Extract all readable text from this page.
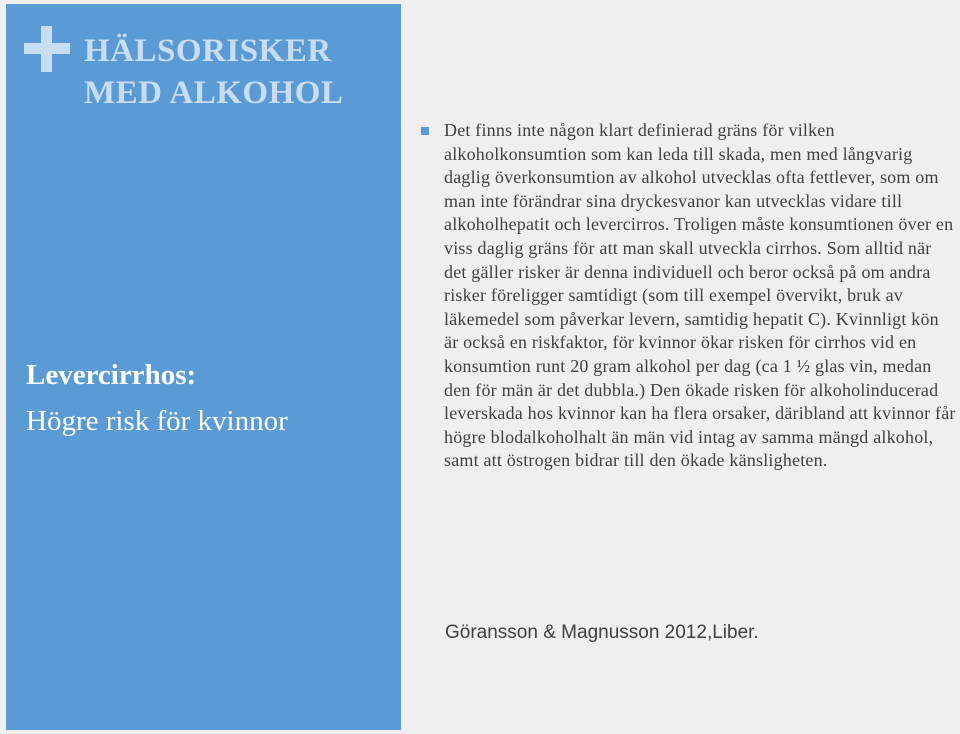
HÄLSORISKER
MED ALKOHOL
Levercirrhos:
Högre risk för kvinnor
Det finns inte någon klart definierad gräns för vilken alkoholkonsumtion som kan leda till skada, men med långvarig daglig överkonsumtion av alkohol utvecklas ofta fettlever, som om man inte förändrar sina dryckesvanor kan utvecklas vidare till alkoholhepatit och levercirros. Troligen måste konsumtionen över en viss daglig gräns för att man skall utveckla cirrhos. Som alltid när det gäller risker är denna individuell och beror också på om andra risker föreligger samtidigt (som till exempel övervikt, bruk av läkemedel som påverkar levern, samtidig hepatit C). Kvinnligt kön är också en riskfaktor, för kvinnor ökar risken för cirrhos vid en konsumtion runt 20 gram alkohol per dag (ca 1 ½ glas vin, medan den för män är det dubbla.) Den ökade risken för alkoholinducerad leverskada hos kvinnor kan ha flera orsaker, däribland att kvinnor får högre blodalkoholhalt än män vid intag av samma mängd alkohol, samt att östrogen bidrar till den ökade känsligheten.
Göransson & Magnusson 2012,Liber.
